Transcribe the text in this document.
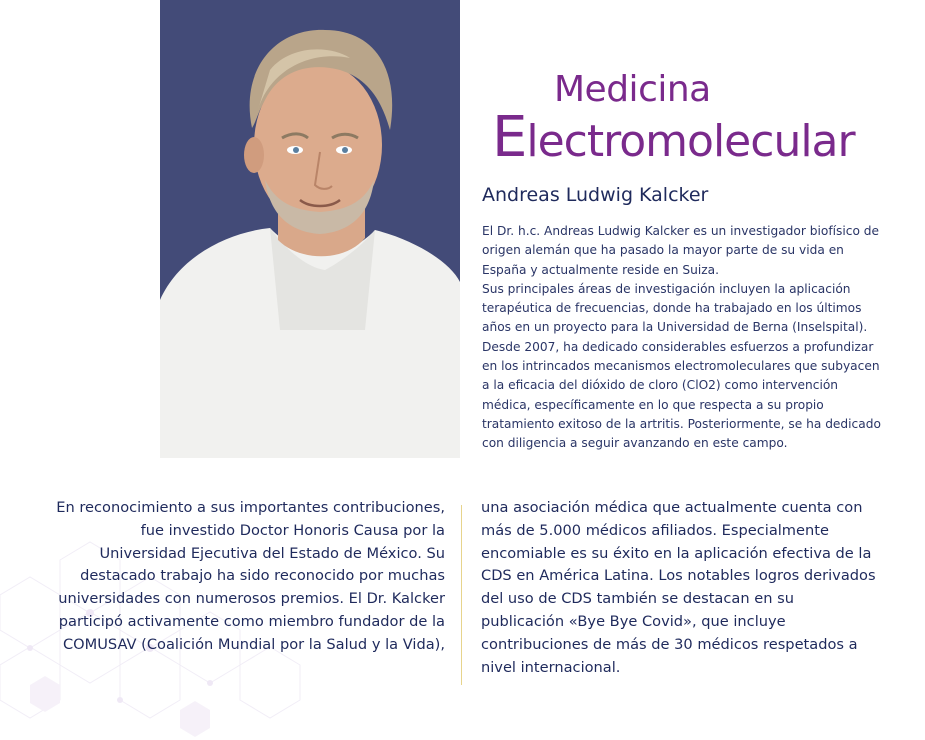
Medicina
Electromolecular
Andreas Ludwig Kalcker

El Dr. h.c. Andreas Ludwig Kalcker es un investigador biofísico de origen alemán que ha pasado la mayor parte de su vida en España y actualmente reside en Suiza.

Sus principales áreas de investigación incluyen la aplicación terapéutica de frecuencias, donde ha trabajado en los últimos años en un proyecto para la Universidad de Berna (Inselspital). Desde 2007, ha dedicado considerables esfuerzos a profundizar en los intrincados mecanismos electromoleculares que subyacen a la eficacia del dióxido de cloro (ClO2) como intervención médica, específicamente en lo que respecta a su propio tratamiento exitoso de la artritis. Posteriormente, se ha dedicado con diligencia a seguir avanzando en este campo.

En reconocimiento a sus importantes contribuciones, fue investido Doctor Honoris Causa por la Universidad Ejecutiva del Estado de México. Su destacado trabajo ha sido reconocido por muchas universidades con numerosos premios. El Dr. Kalcker participó activamente como miembro fundador de la COMUSAV (Coalición Mundial por la Salud y la Vida),

una asociación médica que actualmente cuenta con más de 5.000 médicos afiliados. Especialmente encomiable es su éxito en la aplicación efectiva de la CDS en América Latina. Los notables logros derivados del uso de CDS también se destacan en su publicación «Bye Bye Covid», que incluye contribuciones de más de 30 médicos respetados a nivel internacional.
